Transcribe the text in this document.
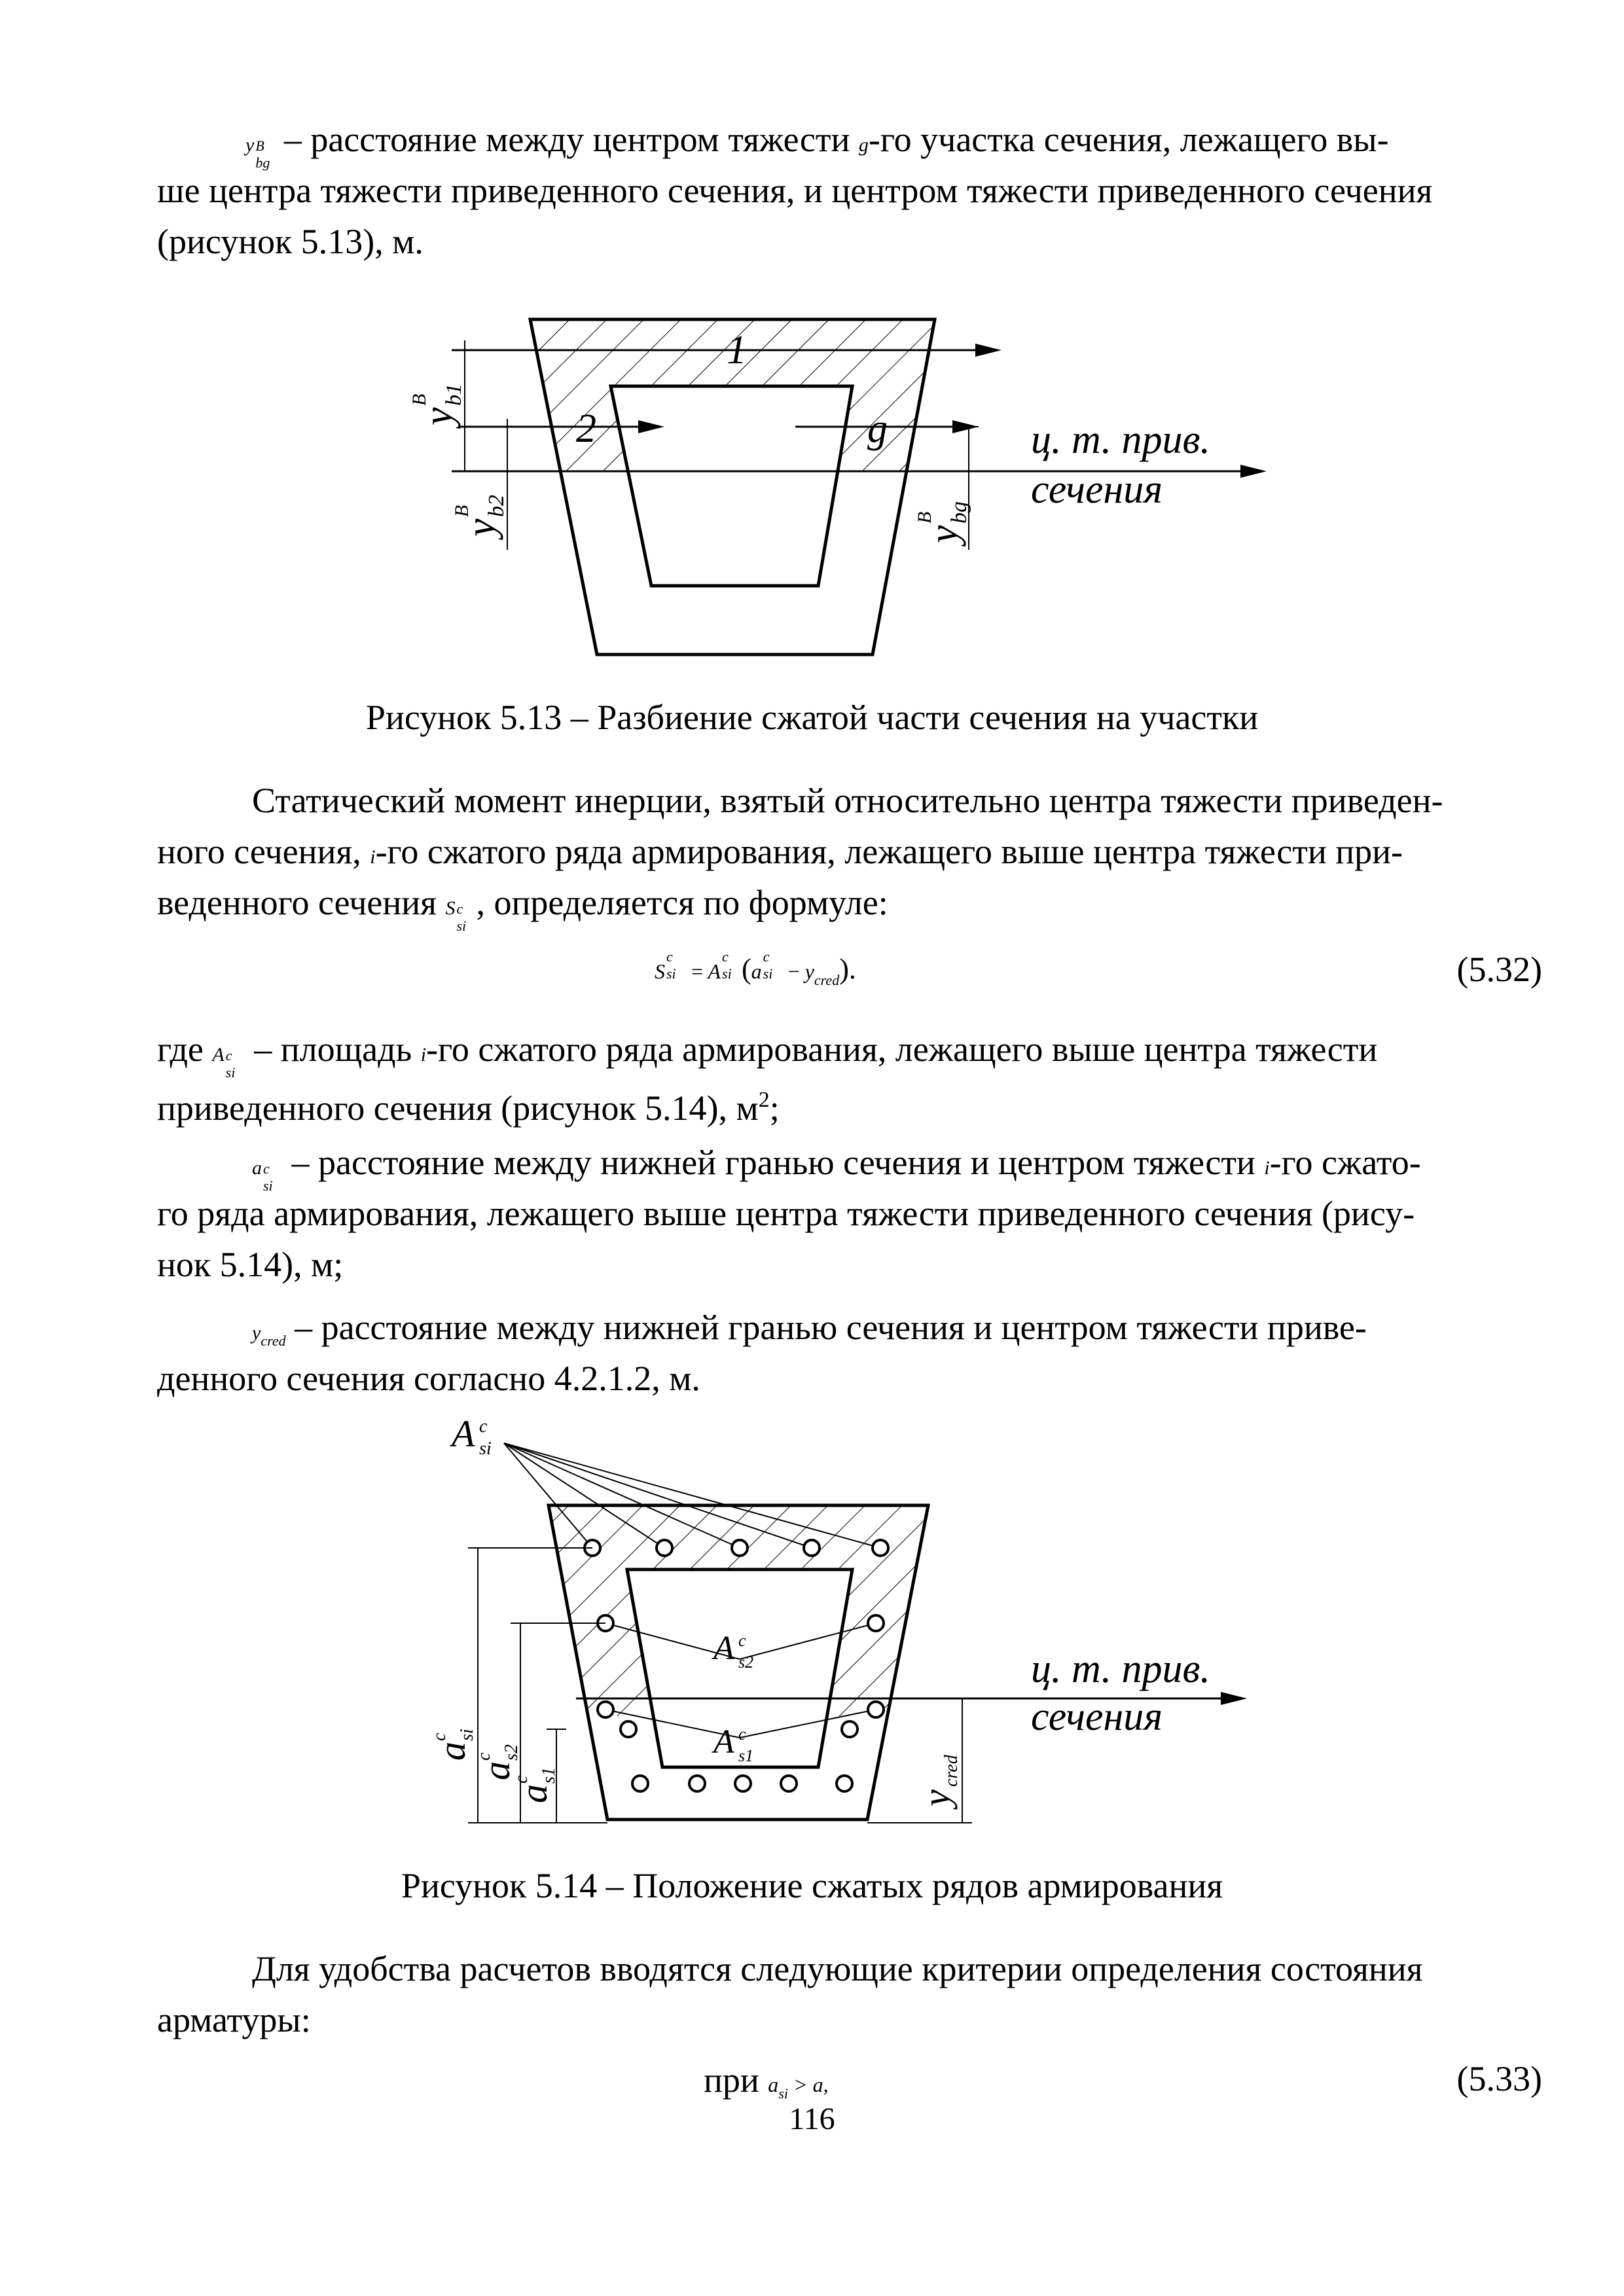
y B
bg
– расстояние между центром тяжести g-го участка сечения, лежащего вы-
ше центра тяжести приведенного сечения, и центром тяжести приведенного сечения
(рисунок 5.13), м.
1
2	g	ц. т. прив.
сечения
y
b1
B
y
b2
B
y
bg
B
Рисунок 5.13 – Разбиение сжатой части сечения на участки
Статический момент инерции, взятый относительно центра тяжести приведен-
ного сечения, i-го сжатого ряда армирования, лежащего выше центра тяжести при-
веденного сечения S c
si
, определяется по формуле:
S
c
si = A
c
si (a
c
si − $y_{cred}$).	(5.32)
где A c
si
– площадь i-го сжатого ряда армирования, лежащего выше центра тяжести
приведенного сечения (рисунок 5.14), $м^2$;
a c
si
– расстояние между нижней гранью сечения и центром тяжести i-го сжато-
го ряда армирования, лежащего выше центра тяжести приведенного сечения (рису-
нок 5.14), м;
ycred – расстояние между нижней гранью сечения и центром тяжести приве-
денного сечения согласно 4.2.1.2, м.
A c
si
A c
s2
A c
s1
ц. т. прив.
сечения
a
si
c
a
s2
c
a
s1
c
y
cred
Рисунок 5.14 – Положение сжатых рядов армирования
Для удобства расчетов вводятся следующие критерии определения состояния
арматуры:
при asi > a,	(5.33)
116
